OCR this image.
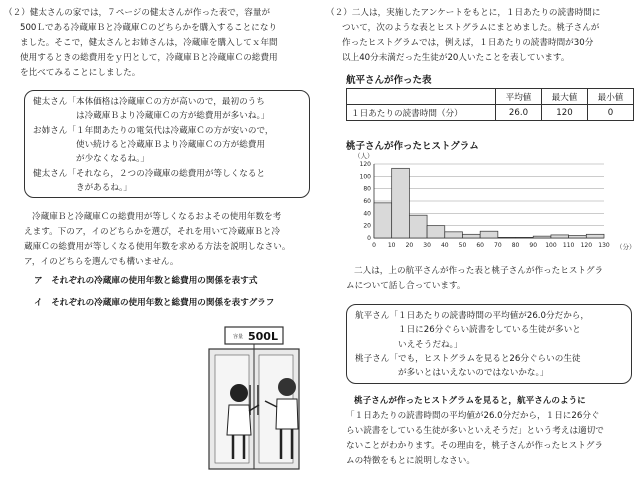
（２）健太さんの家では，７ページの健太さんが作った表で，容量が
500Ｌである冷蔵庫Ｂと冷蔵庫Ｃのどちらかを購入することになり
ました。そこで，健太さんとお姉さんは，冷蔵庫を購入してｘ年間
使用するときの総費用をｙ円として，冷蔵庫Ｂと冷蔵庫Ｃの総費用
を比べてみることにしました。
健太さん「本体価格は冷蔵庫Ｃの方が高いので，最初のうち
　　　　　は冷蔵庫Ｂより冷蔵庫Ｃの方が総費用が多いね。」
お姉さん「１年間あたりの電気代は冷蔵庫Ｃの方が安いので，
　　　　　使い続けると冷蔵庫Ｂより冷蔵庫Ｃの方が総費用
　　　　　が少なくなるね。」
健太さん「それなら，２つの冷蔵庫の総費用が等しくなると
　　　　　きがあるね。」
冷蔵庫Ｂと冷蔵庫Ｃの総費用が等しくなるおよその使用年数を考
えます。下のア，イのどちらかを選び，それを用いて冷蔵庫Ｂと冷
蔵庫Ｃの総費用が等しくなる使用年数を求める方法を説明しなさい。
ア，イのどちらを選んでも構いません。
ア　それぞれの冷蔵庫の使用年数と総費用の関係を表す式
イ　それぞれの冷蔵庫の使用年数と総費用の関係を表すグラフ
容量 500L
（２）二人は，実施したアンケートをもとに，１日あたりの読書時間に
ついて，次のような表とヒストグラムにまとめました。桃子さんが
作ったヒストグラムでは，例えば，１日あたりの読書時間が30分
以上40分未満だった生徒が20人いたことを表しています。
航平さんが作った表
	平均値	最大値	最小値
１日あたりの読書時間（分）	26.0	120	0
桃子さんが作ったヒストグラム
（人）
0
20
40
60
80
100
120
0 10 20 30 40 50 60 70 80 90 100 110 120 130 （分）
二人は，上の航平さんが作った表と桃子さんが作ったヒストグラ
ムについて話し合っています。
航平さん「１日あたりの読書時間の平均値が26.0分だから，
　　　　　１日に26分ぐらい読書をしている生徒が多いと
　　　　　いえそうだね。」
桃子さん「でも，ヒストグラムを見ると26分ぐらいの生徒
　　　　　が多いとはいえないのではないかな。」
桃子さんが作ったヒストグラムを見ると，航平さんのように
「１日あたりの読書時間の平均値が26.0分だから，１日に26分ぐ
らい読書をしている生徒が多いといえそうだ」という考えは適切で
ないことがわかります。その理由を，桃子さんが作ったヒストグラ
ムの特徴をもとに説明しなさい。
